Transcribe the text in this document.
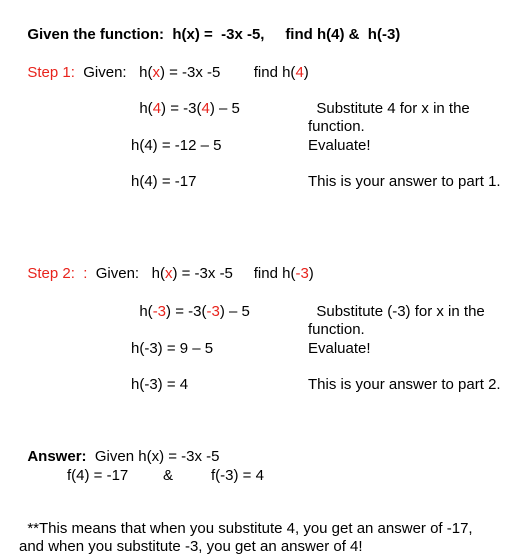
Given the function: h(x) =  -3x -5, find h(4) &  h(-3)

Step 1: Given: h(x) = -3x -5 find h(4)

h(4) = -3(4) – 5	Substitute 4 for x in the
function.

h(4) = -12 – 5	Evaluate!
h(4) = -17	This is your answer to part 1.

Step 2: : Given: h(x) = -3x -5 find h(-3)

h(-3) = -3(-3) – 5	Substitute (-3) for x in the
function.

h(-3) = 9 – 5	Evaluate!
h(-3) = 4	This is your answer to part 2.

Answer: Given h(x) = -3x -5

f(4) = -17 &	f(-3) = 4

**This means that when you substitute 4, you get an answer of -17,
and when you substitute -3, you get an answer of 4!
